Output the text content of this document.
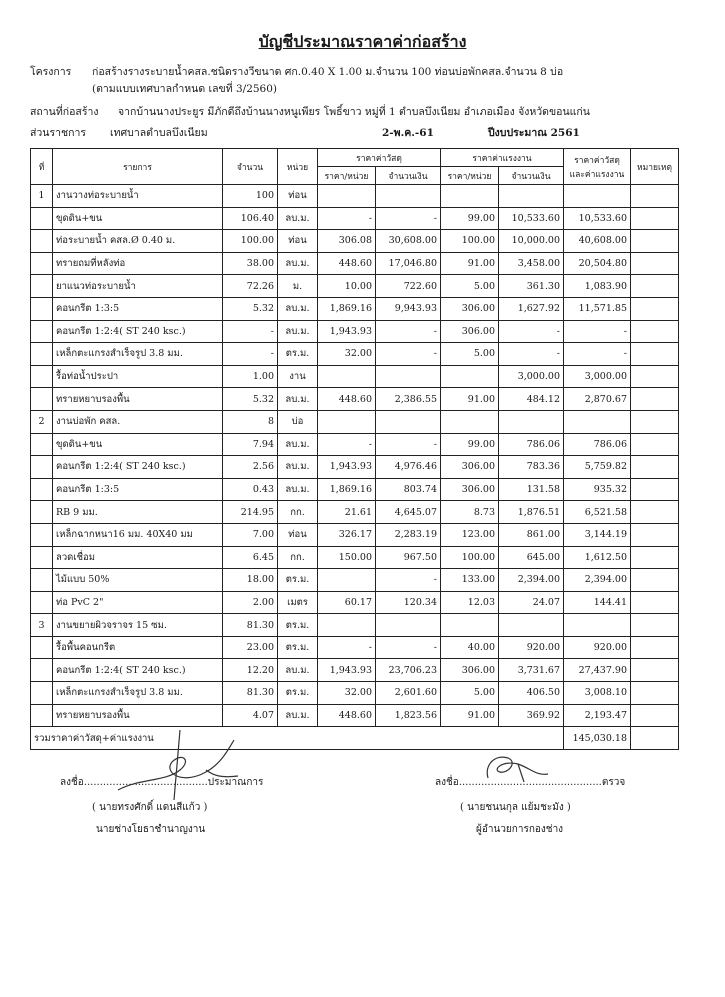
บัญชีประมาณราคาค่าก่อสร้าง
โครงการ ก่อสร้างรางระบายน้ำคสล.ชนิดรางวีขนาด ศก.0.40 X 1.00 ม.จำนวน 100 ท่อนบ่อพักคสล.จำนวน 8 บ่อ
(ตามแบบเทศบาลกำหนด เลขที่ 3/2560)
สถานที่ก่อสร้าง จากบ้านนางประยูร มีภักดีถึงบ้านนางหนูเพียร โพธิ์ขาว หมู่ที่ 1 ตำบลบึงเนียม อำเภอเมือง จังหวัดขอนแก่น
ส่วนราชการ เทศบาลตำบลบึงเนียม	2-พ.ค.-61	ปีงบประมาณ 2561
ที่	รายการ	จำนวน	หน่วย	ราคาค่าวัสดุ		ราคาค่าแรงงาน		ราคาค่าวัสดุ
และค่าแรงงาน	หมายเหตุ
				ราคา/หน่วย	จำนวนเงิน	ราคา/หน่วย	จำนวนเงิน		
1	งานวางท่อระบายน้ำ	100	ท่อน						
	ขุดดิน+ขน	106.40	ลบ.ม.	-	-	99.00	10,533.60	10,533.60	
	ท่อระบายน้ำ คสล.Ø 0.40 ม.	100.00	ท่อน	306.08	30,608.00	100.00	10,000.00	40,608.00	
	ทรายถมที่หลังท่อ	38.00	ลบ.ม.	448.60	17,046.80	91.00	3,458.00	20,504.80	
	ยาแนวท่อระบายน้ำ	72.26	ม.	10.00	722.60	5.00	361.30	1,083.90	
	คอนกรีต 1:3:5	5.32	ลบ.ม.	1,869.16	9,943.93	306.00	1,627.92	11,571.85	
	คอนกรีต 1:2:4( ST 240 ksc.)	-	ลบ.ม.	1,943.93	-	306.00	-	-	
	เหล็กตะแกรงสำเร็จรูป 3.8 มม.	-	ตร.ม.	32.00	-	5.00	-	-	
	รื้อท่อน้ำประปา	1.00	งาน				3,000.00	3,000.00	
	ทรายหยาบรองพื้น	5.32	ลบ.ม.	448.60	2,386.55	91.00	484.12	2,870.67	
2	งานบ่อพัก คสล.	8	บ่อ						
	ขุดดิน+ขน	7.94	ลบ.ม.	-	-	99.00	786.06	786.06	
	คอนกรีต 1:2:4( ST 240 ksc.)	2.56	ลบ.ม.	1,943.93	4,976.46	306.00	783.36	5,759.82	
	คอนกรีต 1:3:5	0.43	ลบ.ม.	1,869.16	803.74	306.00	131.58	935.32	
	RB 9 มม.	214.95	กก.	21.61	4,645.07	8.73	1,876.51	6,521.58	
	เหล็กฉากหนา16 มม. 40X40 มม	7.00	ท่อน	326.17	2,283.19	123.00	861.00	3,144.19	
	ลวดเชื่อม	6.45	กก.	150.00	967.50	100.00	645.00	1,612.50	
	ไม้แบบ 50%	18.00	ตร.ม.		-	133.00	2,394.00	2,394.00	
	ท่อ PvC 2"	2.00	เมตร	60.17	120.34	12.03	24.07	144.41	
3	งานขยายผิวจราจร 15 ซม.	81.30	ตร.ม.						
	รื้อพื้นคอนกรีต	23.00	ตร.ม.	-	-	40.00	920.00	920.00	
	คอนกรีต 1:2:4( ST 240 ksc.)	12.20	ลบ.ม.	1,943.93	23,706.23	306.00	3,731.67	27,437.90	
	เหล็กตะแกรงสำเร็จรูป 3.8 มม.	81.30	ตร.ม.	32.00	2,601.60	5.00	406.50	3,008.10	
	ทรายหยาบรองพื้น	4.07	ลบ.ม.	448.60	1,823.56	91.00	369.92	2,193.47	
รวมราคาค่าวัสดุ+ค่าแรงงาน								145,030.18	
ลงชื่อ.......................................ประมาณการ
( นายทรงศักดิ์ แดนสีแก้ว )
นายช่างโยธาชำนาญงาน
ลงชื่อ.............................................ตรวจ
( นายชนนกุล แย้มชะมัง )
ผู้อำนวยการกองช่าง
